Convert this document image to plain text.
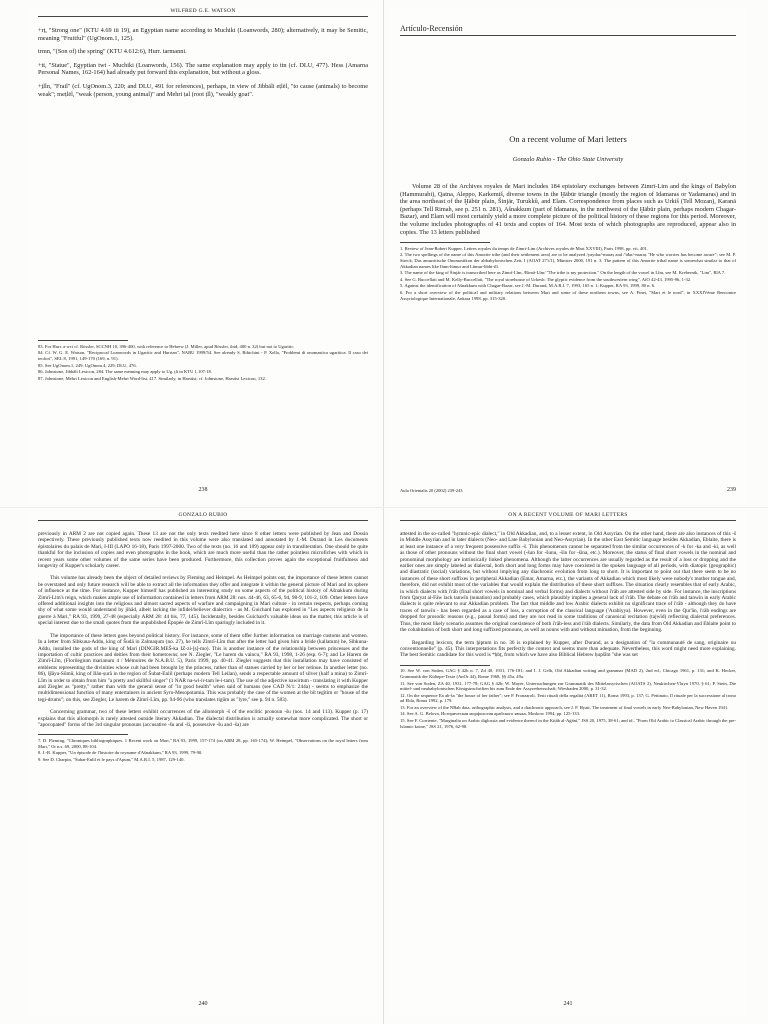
WILFRED G.E. WATSON

+rṯ, "Strong one" (KTU 4.69 iii 19), an Egyptian name according to Muchiki (Loanwords, 280); alternatively, it may be Semitic, meaning "Fruitful" (UgOnom.1, 125).

trmn, "(Son of) the spring" (KTU 4.612:6), Hurr. tarmanni.

+tt, "Statue", Egyptian twt - Muchiki (Loanwords, 156). The same explanation may apply to ttn (cf. DLU, 477). Hess (Amarna Personal Names, 162-164) had already put forward this explanation, but without a gloss.

+ṯlln, "Frail" (cf. UgOnom.3, 220; and DLU, 491 for references), perhaps, in view of Jibbāli eṭlēl, "to cause (animals) to become weak"; meṭlēl, "weak (person, young animal)" and Mehri ṭal (root ṭll), "weakly goat".

83. For Hurr. a-a-ri cf. Rössler, SCCNH 10, 396-400, with reference to Hebrew (J. Miller, apud Rössler, ibid, 400 n. 32) but not to Ugaritic.

84. Cf. W. G. E. Watson, "Reciprocal Loanwords in Ugaritic and Hurrian", NABU 1999/54. See already S. Ribichini - P. Xella, "Problemi di onomastica ugaritica. Il caso dei teofori", SEL 8, 1991, 149-170 (169, n. 91).

85. See UgOnom.1, 249; UgOnom.4, 229; DLU, 476.

86. Johnstone, Jibbāli Lexicon, 284. The same meaning may apply to Ug. ṯlt in KTU 1.107:18.

87. Johnstone, Mehri Lexicon and English-Mehri Word-list, 417. Similarly, in Harsūsi; cf. Johnstone, Harsūsi Lexicon, 132.

238
Artículo-Recensión
On a recent volume of Mari letters
Gonzalo Rubio - The Ohio State University

Volume 28 of the Archives royales de Mari includes 184 epistolary exchanges between Zimrī-Lim and the kings of Babylon (Hammurabi), Qatna, Aleppo, Karkemiš, diverse towns in the Ḫābūr triangle (mostly the region of Idamaras or Yadamaras) and in the area northeast of the Ḫābūr plain, Šinjār, Turukkû, and Elam. Correspondence from places such as Urkiš (Tell Mozan), Karanā (perhaps Tell Rimah, see p. 251 n. 281), Ašnakkum (part of Idamaras, in the northwest of the Ḫābūr plain, perhaps modern Chagar-Bazar), and Elam will most certainly yield a more complete picture of the political history of these regions for this period. Moreover, the volume includes photographs of 41 texts and copies of 164. Most texts of which photographs are reproduced, appear also in copies. The 13 letters published

1. Review of Jean-Robert Kupper, Lettres royales du temps de Zimri-Lim (Archives royales de Mari XXVIII), Paris 1998, pp. vii, 401.

2. The two spellings of the name of this Amorite tribe (and their settlement area) are to be analyzed /yaydar/-maraṣ and /'iđar/-maraṣ "He who worries has become aware"; see M. P. Streck, Das amurritische Onomastikon der altbabylonischen Zeit, I (AOAT 271/1), Münster 2000, 191 n. 3. The pattern of this Amorite tribal name is somewhat similar to that of Akkadian names like Ilum-lūmur and Lūmur-libbi-ilī.

3. The name of the king of Šinjār is transcribed here as Zimrī-Lîm, /Rimā-Lîm/ "The tribe is my protection." On the length of the vowel in Lîm, see M. Krebernik, "Lim", RlA 7.

4. See G. Buccellati and M. Kelly-Buccellati, "The royal storehouse of Urkesh: The glyptic evidence from the southwestern wing", AfO 42-43, 1995-96, 1-32.

5. Against the identification of Ašnakkum with Chagar-Bazar, see J.-M. Durand, M.A.R.I. 7, 1993, 165 n. 1; Kupper, RA 93, 1999, 80 n. 6.

6. For a short overview of the political and military relations between Mari and some of these northern towns, see A. Finet, "Mari et le nord", in XXXIVème Rencontre Assyriologique Internationale, Ankara 1998, pp. 315-320.

Aula Orientalis 20 (2002) 239-243	239
GONZALO RUBIO

previously in ARM 2 are not copied again. These 13 are not the only texts reedited here since 8 other letters were published by Jean and Dossin respectively. These previously published texts now reedited in this volume were also translated and annotated by J.-M. Durand in Les documents épistolaires du palais de Mari, I-III (LAPO 16-18), Paris 1997-2000. Two of the texts (no. 16 and 109) appear only in transliteration. One should be quite thankful for the inclusion of copies and even photographs in the book, which are much more useful than the rather pointless microfiches with which in recent years some other volumes of the same series have been produced. Furthermore, this collection proves again the exceptional fruitfulness and longevity of Kupper's scholarly career.

This volume has already been the object of detailed reviews by Fleming and Heimpel. As Heimpel points out, the importance of these letters cannot be overstated and only future research will be able to extract all the information they offer and integrate it within the general picture of Mari and its sphere of influence at the time. For instance, Kupper himself has published an interesting study on some aspects of the political history of Ašnakkum during Zimrī-Lim's reign, which makes ample use of information contained in letters from ARM 28: nos. 44-46, 63, 65-6, 94, 98-9, 101-2, 109. Other letters have offered additional insights into the religious and almost sacred aspects of warfare and campaigning in Mari culture - in certain respects, perhaps coming shy of what some would understand by jihād, albeit lacking the infidel/believer dialectics - as M. Guichard has explored in "Les aspects religieux de la guerre à Mari," RA 93, 1999, 27-48 (especially ARM 28: 44 bis, 77, 145). Incidentally, besides Guichard's valuable ideas on the matter, this article is of special interest due to the small quotes from the unpublished Épopée de Zimrī-Lîm sparingly included in it.

The importance of these letters goes beyond political history. For instance, some of them offer further information on marriage customs and women. In a letter from Sibkuna-Addu, king of Šudā in Zalmaqum (no. 27), he tells Zimrī-Lîm that after the letter had given him a bride (kallatum) he, Sibkuna-Addu, installed the gods of the king of Mari (DINGIR.MEŠ-ka IZ-zi-[ṣ]-mo). This is another instance of the relationship between princesses and the importation of cultic practices and deities from their hometowns; see N. Ziegler, "Le harem du vaincu," RA 93, 1998, 1-26 (esp. 6-7); and Le Harem de Zimrī-Lîm, (Florilegium marianum 4 / Mémoires de N.A.B.U. 5), Paris 1999, pp. 40-41. Ziegler suggests that this installation may have consisted of emblems representing the divinities whose cult had been brought by the princess, rather than of statues carried by her or her retinue. In another letter (no. 86), Ḫāya-Sūmû, king of Ilān-ṣurā in the region of Šubat-Enlil (perhaps modern Tell Leilan), sends a respectable amount of silver (half a mina) to Zimrī-Lîm in order to obtain from him "a pretty and skillful singer" (1 NAR na-wi-ir-tam le-i-tam). The use of the adjective nawirtum - translating it with Kupper and Ziegler as "pretty," rather than with the general sense of "in good health" when said of humans (see CAD N/1: 244a) - seems to emphasize the multidimensional function of many entertainers in ancient Syro-Mesopotamia. This was probably the case of the women at the bīt tegītim or "house of the tegi-drums"; on this, see Ziegler, Le harem de Zimrī-Lîm, pp. 94-96 (who translates tigûm as "lyre," see p. 94 n. 583).

Concerning grammar, two of these letters exhibit occurrences of the allomorph -š of the enclitic pronoun -šu (nos. 14 and 113). Kupper (p. 17) explains that this allomorph is rarely attested outside literary Akkadian. The dialectal distribution is actually somewhat more complicated. The short or "apocopated" forms of the 3rd singular pronouns (accusative -šu and -ši, possessive -šu and -ša) are

7. D. Fleming, "Chroniques bibliographiques. 1 Recent work on Mari," RA 93, 1999, 157-174 (on ARM 28, pp. 165-174); W. Heimpel, "Observations on the royal letters from Mari," Or n.s. 69, 2000, 88-104.

8. J.-R. Kupper, "Un épisode de l'histoire du royaume d'Ašnakkum," RA 93, 1999, 79-90.

9. See D. Charpin, "Šubat-Enlil et le pays d'Apum," M.A.R.I. 5, 1987, 129-140.

240
ON A RECENT VOLUME OF MARI LETTERS

attested in the so-called "hymnic-epic dialect," in Old Akkadian, and, to a lesser extent, in Old Assyrian. On the other hand, there are also instances of this -š in Middle Assyrian and in later dialects (Neo- and Late Babylonian and Neo-Assyrian). In the other East Semitic language besides Akkadian, Eblaite, there is at least one instance of a very frequent possessive suffix -š. This phenomenon cannot be separated from the similar occurrences of -k for -ka and -ki, as well as those of other pronouns without the final short vowel (-šun for -šunu, -šin for -šina, etc.). Moreover, the status of final short vowels in the nominal and pronominal morphology are intrinsically linked phenomena. Although the latter occurrences are usually regarded as the result of a loss or dropping and the earlier ones are simply labeled as dialectal, both short and long forms may have coexisted in the spoken language of all periods, with diatopic (geographic) and diastratic (social) variations, but without implying any diachronic evolution from long to short. It is important to point out that there seem to be no instances of these short suffixes in peripheral Akkadian (Emar, Amarna, etc.), the variants of Akkadian which most likely were nobody's mother tongue and, therefore, did not exhibit most of the variables that would explain the distribution of these short suffixes. The situation clearly resembles that of early Arabic, in which dialects with i'rāb (final short vowels in nominal and verbal forms) and dialects without i'rāb are attested side by side. For instance, the inscriptions from Qaryat al-Fāw lack tanwīn (nunation) and probably cases, which plausibly implies a general lack of i'rāb. The debate on i'rāb and tanwīn in early Arabic dialects is quite relevant to our Akkadian problem. The fact that middle and low Arabic dialects exhibit no significant trace of i'rāb - although they do have traces of tanwīn - has been regarded as a case of loss, a corruption of the classical language ('Arabiyya). However, even in the Qur'ān, i'rāb endings are dropped for prosodic reasons (e.g., pausal forms) and they are not read in some traditions of canonical recitation (tajwīd) reflecting dialectal preferences. Thus, the most likely scenario assumes the original coexistence of both i'rāb-less and i'rāb dialects. Similarly, the data from Old Akkadian and Eblaite point to the cohabitation of both short and long suffixed pronouns, as well as nouns with and without mimation, from the beginning.

Regarding lexicon, the term ḫiptum in no. 36 is explained by Kupper, after Durand, as a designation of "la communauté de sang, originaire ou conventionnelle" (p. 45). This interpretations fits perfectly the context and seems more than adequate. Nevertheless, this word might need more explaining. The best Semitic candidate for this word is *ḥbṯ, from which we have also Biblical Hebrew ḥupšîm "she was set

10. See W. von Soden, GAG § 42h n. 7, Zd 40, 1931, 176-181; and I. J. Gelb, Old Akkadian writing and grammar (MAD 2), 2nd ed., Chicago 1961, p. 131; and K. Hecker, Grammatik der Kültepe-Texte (AnOr 44), Rome 1968, §§ 45a, 49a.

11. See von Soden, ZA 40, 1931, 177-78; GAG § 42k; W. Mayer, Untersuchungen zur Grammatik des Mittelassyrischen (AOATS 2), Neukirchen-Vluyn 1970, § 61; P. Stein, Die mittel- und neubabylonischen Königsinschriften bis zum Ende der Assyrerherrschaft; Wiesbaden 2000, p. 31-32.

12. On the sequence Ea ab-ša "the house of her father"; see P. Fronzaroli, Testi rituali della regalità (ARET 11), Roma 1993, p. 137; G. Pettinato, Il rituale per la successione al trono ad Ebla, Roma 1992, p. 179.

13. For an overview of the NBab data, orthographic analysis, and a diachronic approach, see J. P. Hyatt, The treatment of final vowels in early Neo-Babylonian, New Haven 1941.

14. See A. G. Belova, Историческая морфология арабского языка, Moskow 1994, pp. 125-133.

15. See F. Corriente, "Marginalia on Arabic diglossia and evidence thereof in the Kitāb al-Aġānī," JSS 20, 1975, 38-61; and id., "From Old Arabic to Classical Arabic through the pre-Islamic koine," JSS 21, 1976, 62-98.

241
